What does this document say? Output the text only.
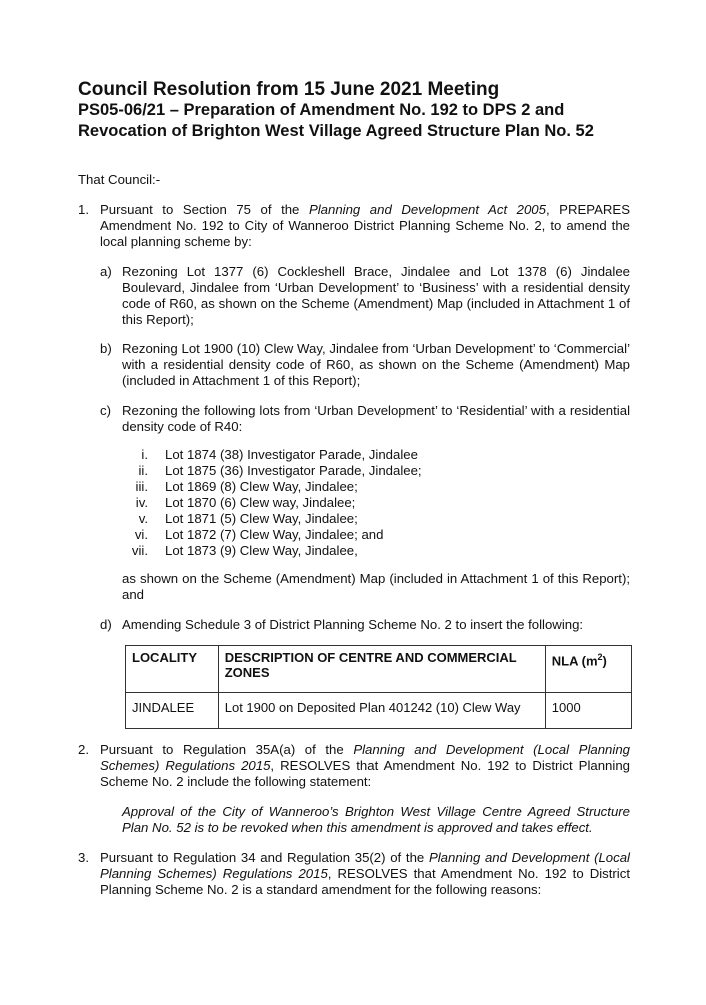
Council Resolution from 15 June 2021 Meeting
PS05-06/21 – Preparation of Amendment No. 192 to DPS 2 and Revocation of Brighton West Village Agreed Structure Plan No. 52

That Council:-

1. Pursuant to Section 75 of the Planning and Development Act 2005, PREPARES Amendment No. 192 to City of Wanneroo District Planning Scheme No. 2, to amend the local planning scheme by:

a) Rezoning Lot 1377 (6) Cockleshell Brace, Jindalee and Lot 1378 (6) Jindalee Boulevard, Jindalee from ‘Urban Development’ to ‘Business’ with a residential density code of R60, as shown on the Scheme (Amendment) Map (included in Attachment 1 of this Report);

b) Rezoning Lot 1900 (10) Clew Way, Jindalee from ‘Urban Development’ to ‘Commercial’ with a residential density code of R60, as shown on the Scheme (Amendment) Map (included in Attachment 1 of this Report);

c) Rezoning the following lots from ‘Urban Development’ to ‘Residential’ with a residential density code of R40:

i. Lot 1874 (38) Investigator Parade, Jindalee
ii. Lot 1875 (36) Investigator Parade, Jindalee;
iii. Lot 1869 (8) Clew Way, Jindalee;
iv. Lot 1870 (6) Clew way, Jindalee;
v. Lot 1871 (5) Clew Way, Jindalee;
vi. Lot 1872 (7) Clew Way, Jindalee; and
vii. Lot 1873 (9) Clew Way, Jindalee,

as shown on the Scheme (Amendment) Map (included in Attachment 1 of this Report); and

d) Amending Schedule 3 of District Planning Scheme No. 2 to insert the following:

LOCALITY	DESCRIPTION OF CENTRE AND COMMERCIAL ZONES	NLA $(m^2)$
JINDALEE	Lot 1900 on Deposited Plan 401242 (10) Clew Way	1000
2. Pursuant to Regulation 35A(a) of the Planning and Development (Local Planning Schemes) Regulations 2015, RESOLVES that Amendment No. 192 to District Planning Scheme No. 2 include the following statement:

Approval of the City of Wanneroo’s Brighton West Village Centre Agreed Structure Plan No. 52 is to be revoked when this amendment is approved and takes effect.

3. Pursuant to Regulation 34 and Regulation 35(2) of the Planning and Development (Local Planning Schemes) Regulations 2015, RESOLVES that Amendment No. 192 to District Planning Scheme No. 2 is a standard amendment for the following reasons:
